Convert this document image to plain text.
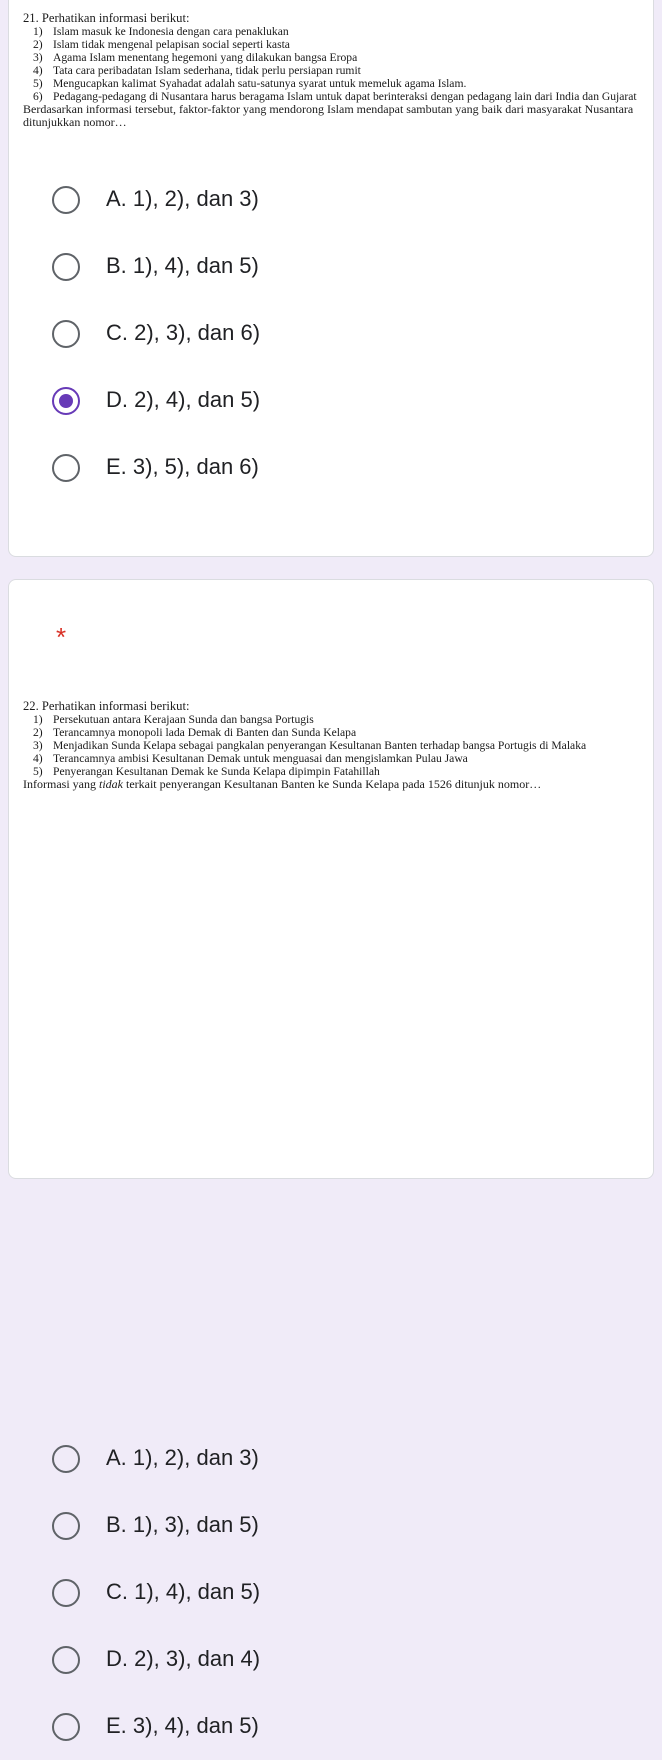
21. Perhatikan informasi berikut:
1) Islam masuk ke Indonesia dengan cara penaklukan
2) Islam tidak mengenal pelapisan social seperti kasta
3) Agama Islam menentang hegemoni yang dilakukan bangsa Eropa
4) Tata cara peribadatan Islam sederhana, tidak perlu persiapan rumit
5) Mengucapkan kalimat Syahadat adalah satu-satunya syarat untuk memeluk agama Islam.
6) Pedagang-pedagang di Nusantara harus beragama Islam untuk dapat berinteraksi dengan pedagang lain dari India dan Gujarat
Berdasarkan informasi tersebut, faktor-faktor yang mendorong Islam mendapat sambutan yang baik dari masyarakat Nusantara ditunjukkan nomor…
A. 1), 2), dan 3)
B. 1), 4), dan 5)
C. 2), 3), dan 6)
D. 2), 4), dan 5)
E. 3), 5), dan 6)
22. Perhatikan informasi berikut:
1) Persekutuan antara Kerajaan Sunda dan bangsa Portugis
2) Terancamnya monopoli lada Demak di Banten dan Sunda Kelapa
3) Menjadikan Sunda Kelapa sebagai pangkalan penyerangan Kesultanan Banten terhadap bangsa Portugis di Malaka
4) Terancamnya ambisi Kesultanan Demak untuk menguasai dan mengislamkan Pulau Jawa
5) Penyerangan Kesultanan Demak ke Sunda Kelapa dipimpin Fatahillah
Informasi yang tidak terkait penyerangan Kesultanan Banten ke Sunda Kelapa pada 1526 ditunjuk nomor…
A. 1), 2), dan 3)
B. 1), 3), dan 5)
C. 1), 4), dan 5)
D. 2), 3), dan 4)
E. 3), 4), dan 5)
*
